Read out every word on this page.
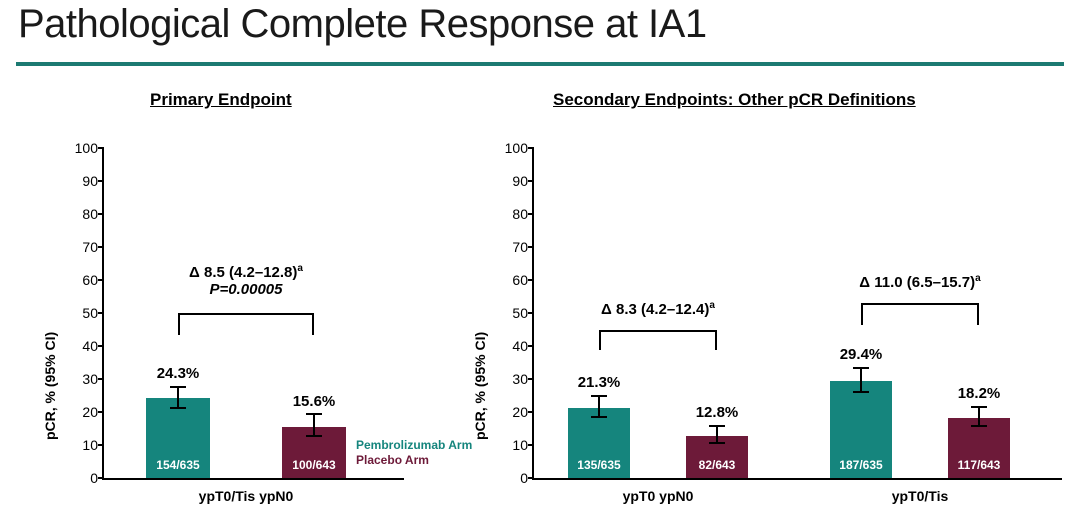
Pathological Complete Response at IA1
Primary Endpoint	Secondary Endpoints: Other pCR Definitions
pCR, % (95% CI)
100
90
80
70
60
50
40
30
20
10
0
154/635
24.3%
100/643
15.6%
Δ 8.5 $(4.2-12.8)^a$
P=0.00005
Pembrolizumab Arm
Placebo Arm
ypT0/Tis ypN0
pCR, % (95% CI)
100
90
80
70
60
50
40
30
20
10
0
135/635
21.3%
82/643
12.8%
Δ 8.3 $(4.2-12.4)^a$
ypT0 ypN0
187/635
29.4%
117/643
18.2%
Δ 11.0 $(6.5-15.7)^a$
ypT0/Tis
